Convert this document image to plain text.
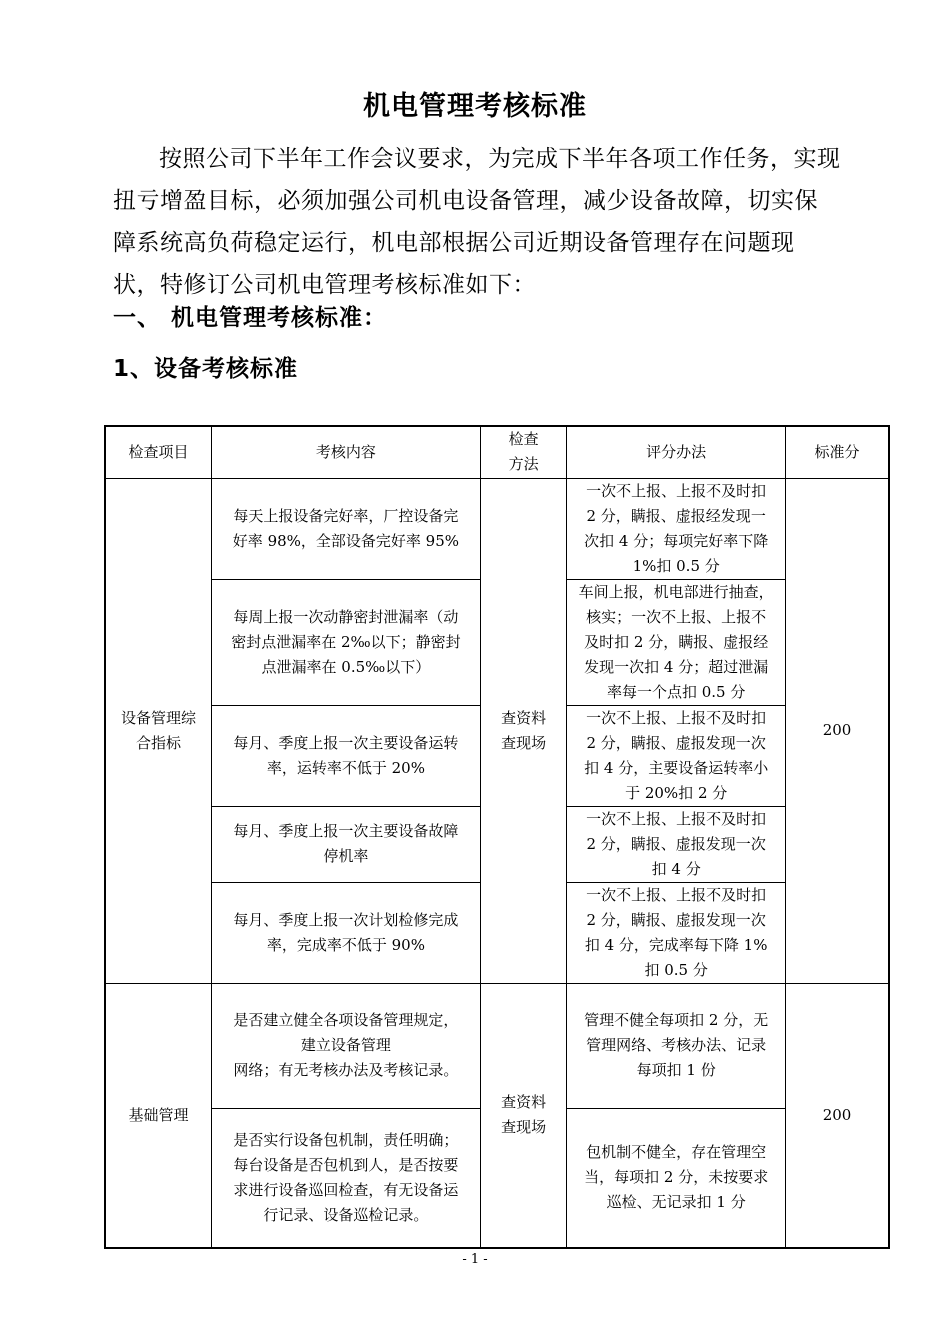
机电管理考核标准

按照公司下半年工作会议要求，为完成下半年各项工作任务，实现扭亏增盈目标，必须加强公司机电设备管理，减少设备故障，切实保障系统高负荷稳定运行，机电部根据公司近期设备管理存在问题现状，特修订公司机电管理考核标准如下：

一、 机电管理考核标准：
1、设备考核标准
检查项目	考核内容	检查
方法	评分办法	标准分
设备管理综
合指标	每天上报设备完好率，厂控设备完
好率 98%，全部设备完好率 95%	查资料
查现场	一次不上报、上报不及时扣
2 分，瞒报、虚报经发现一
次扣 4 分；每项完好率下降
1%扣 0.5 分	200
	每周上报一次动静密封泄漏率（动
密封点泄漏率在 2‰以下；静密封
点泄漏率在 0.5‰以下）		车间上报，机电部进行抽查，
核实；一次不上报、上报不
及时扣 2 分，瞒报、虚报经
发现一次扣 4 分；超过泄漏
率每一个点扣 0.5 分	
	每月、季度上报一次主要设备运转
率，运转率不低于 20%		一次不上报、上报不及时扣
2 分，瞒报、虚报发现一次
扣 4 分，主要设备运转率小
于 20%扣 2 分	
	每月、季度上报一次主要设备故障
停机率		一次不上报、上报不及时扣
2 分，瞒报、虚报发现一次
扣 4 分	
	每月、季度上报一次计划检修完成
率，完成率不低于 90%		一次不上报、上报不及时扣
2 分，瞒报、虚报发现一次
扣 4 分，完成率每下降 1%
扣 0.5 分	
基础管理	是否建立健全各项设备管理规定，
建立设备管理
网络；有无考核办法及考核记录。	查资料
查现场	管理不健全每项扣 2 分，无
管理网络、考核办法、记录
每项扣 1 份	200
	是否实行设备包机制，责任明确；
每台设备是否包机到人，是否按要
求进行设备巡回检查，有无设备运
行记录、设备巡检记录。		包机制不健全，存在管理空
当，每项扣 2 分，未按要求
巡检、无记录扣 1 分	
- 1 -
